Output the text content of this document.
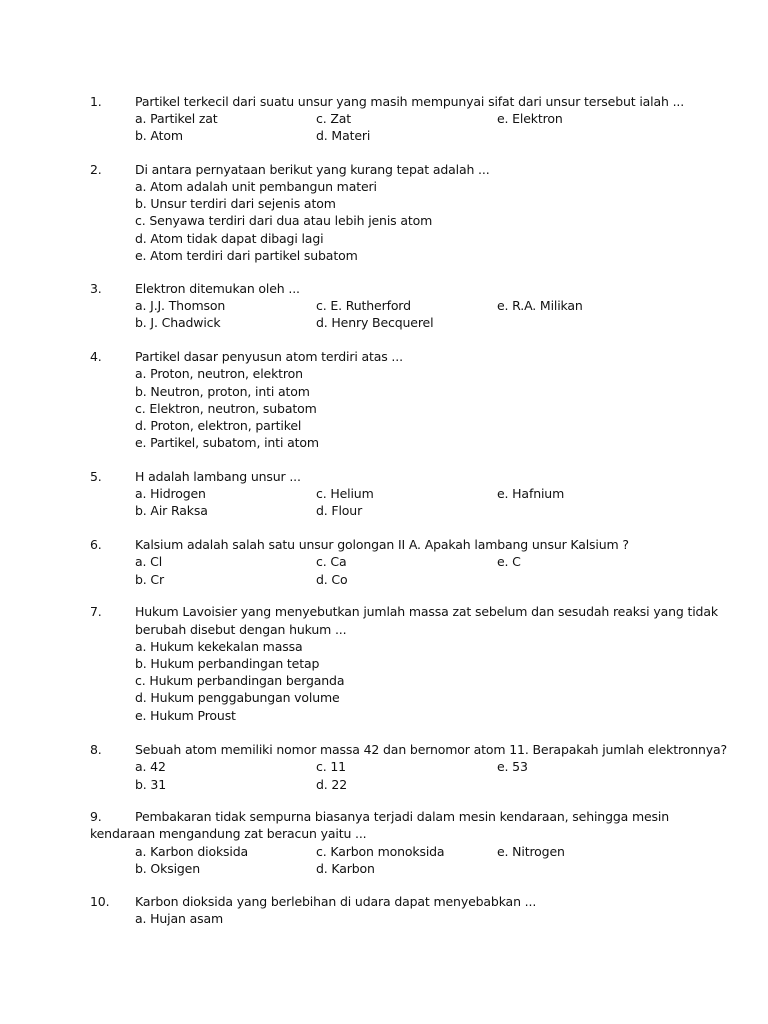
1.	Partikel terkecil dari suatu unsur yang masih mempunyai sifat dari unsur tersebut ialah ...
a. Partikel zat	c. Zat	e. Elektron
b. Atom	d. Materi
2.	Di antara pernyataan berikut yang kurang tepat adalah ...
a. Atom adalah unit pembangun materi
b. Unsur terdiri dari sejenis atom
c. Senyawa terdiri dari dua atau lebih jenis atom
d. Atom tidak dapat dibagi lagi
e. Atom terdiri dari partikel subatom
3.	Elektron ditemukan oleh ...
a. J.J. Thomson	c. E. Rutherford	e. R.A. Milikan
b. J. Chadwick	d. Henry Becquerel
4.	Partikel dasar penyusun atom terdiri atas ...
a. Proton, neutron, elektron
b. Neutron, proton, inti atom
c. Elektron, neutron, subatom
d. Proton, elektron, partikel
e. Partikel, subatom, inti atom
5.	H adalah lambang unsur ...
a. Hidrogen	c. Helium	e. Hafnium
b. Air Raksa	d. Flour
6.	Kalsium adalah salah satu unsur golongan II A. Apakah lambang unsur Kalsium ?
a. Cl	c. Ca	e. C
b. Cr	d. Co
7.	Hukum Lavoisier yang menyebutkan jumlah massa zat sebelum dan sesudah reaksi yang tidak
berubah disebut dengan hukum ...
a. Hukum kekekalan massa
b. Hukum perbandingan tetap
c. Hukum perbandingan berganda
d. Hukum penggabungan volume
e. Hukum Proust
8.	Sebuah atom memiliki nomor massa 42 dan bernomor atom 11. Berapakah jumlah elektronnya?
a. 42	c. 11	e. 53
b. 31	d. 22
9.	Pembakaran tidak sempurna biasanya terjadi dalam mesin kendaraan, sehingga mesin
kendaraan mengandung zat beracun yaitu ...
a. Karbon dioksida	c. Karbon monoksida	e. Nitrogen
b. Oksigen	d. Karbon
10. Karbon dioksida yang berlebihan di udara dapat menyebabkan ...
a. Hujan asam
